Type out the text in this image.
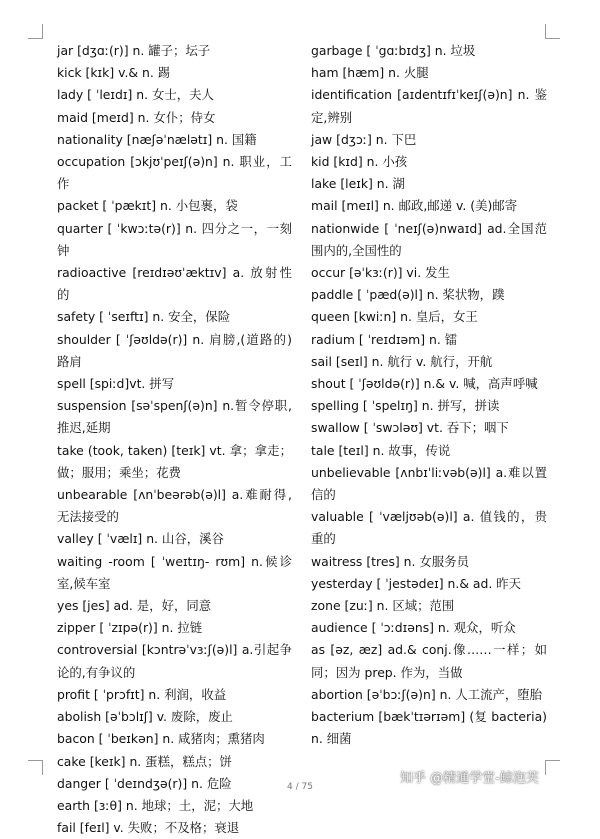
jar [dʒɑː(r)] n. 罐子；坛子

kick [kɪk] v.& n. 踢

lady [ ˈleɪdɪ] n. 女士，夫人

maid [meɪd] n. 女仆；侍女

nationality [næʃəˈnælətɪ] n. 国籍

occupation [ɔkjʊˈpeɪʃ(ə)n] n. 职业，工作

packet [ ˈpækɪt] n. 小包裹，袋

quarter [ ˈkwɔːtə(r)] n. 四分之一，一刻钟

radioactive [reɪdɪəʊˈæktɪv] a. 放射性的

safety [ ˈseɪftɪ] n. 安全，保险

shoulder [ ˈʃəʊldə(r)] n. 肩膀,(道路的)路肩

spell [spiːd]vt. 拼写

suspension [səˈspenʃ(ə)n] n.暂令停职,推迟,延期

take (took, taken) [teɪk] vt. 拿；拿走；做；服用；乘坐；花费

unbearable [ʌnˈbeərəb(ə)l] a.难耐得,无法接受的

valley [ ˈvælɪ] n. 山谷，溪谷

waiting -room [ ˈweɪtɪŋ- rʊm] n.候诊室,候车室

yes [jes] ad. 是，好，同意

zipper [ ˈzɪpə(r)] n. 拉链

controversial [kɔntrəˈvɜːʃ(ə)l] a.引起争论的,有争议的

profit [ ˈprɔfɪt] n. 利润，收益

abolish [əˈbɔlɪʃ] v. 废除，废止

bacon [ ˈbeɪkən] n. 咸猪肉；熏猪肉

cake [keɪk] n. 蛋糕，糕点；饼

danger [ ˈdeɪndʒə(r)] n. 危险

earth [ɜːθ] n. 地球；土，泥；大地

fail [feɪl] v. 失败；不及格；衰退

garbage [ ˈgɑːbɪdʒ] n. 垃圾

ham [hæm] n. 火腿

identification [aɪdentɪfɪˈkeɪʃ(ə)n] n. 鉴定,辨别

jaw [dʒɔː] n. 下巴

kid [kɪd] n. 小孩

lake [leɪk] n. 湖

mail [meɪl] n. 邮政,邮递 v. (美)邮寄

nationwide [ ˈneɪʃ(ə)nwaɪd] ad.全国范围内的,全国性的

occur [əˈkɜː(r)] vi. 发生

paddle [ ˈpæd(ə)l] n. 桨状物，蹼

queen [kwiːn] n. 皇后，女王

radium [ ˈreɪdɪəm] n. 镭

sail [seɪl] n. 航行 v. 航行，开航

shout [ ˈʃəʊldə(r)] n.& v. 喊，高声呼喊

spelling [ ˈspelɪŋ] n. 拼写，拼读

swallow [ ˈswɔləʊ] vt. 吞下；咽下

tale [teɪl] n. 故事，传说

unbelievable [ʌnbɪˈliːvəb(ə)l] a.难以置信的

valuable [ ˈvæljʊəb(ə)l] a. 值钱的，贵重的

waitress [tres] n. 女服务员

yesterday [ ˈjestədeɪ] n.& ad. 昨天

zone [zuː] n. 区域；范围

audience [ ˈɔːdɪəns] n. 观众，听众

as [əz, æz] ad.& conj.像……一样；如同；因为 prep. 作为，当做

abortion [əˈbɔːʃ(ə)n] n. 人工流产，堕胎

bacterium [bækˈtɪərɪəm] (复 bacteria) n. 细菌

4 / 75
知乎 @精通学堂-鲸泡芙
